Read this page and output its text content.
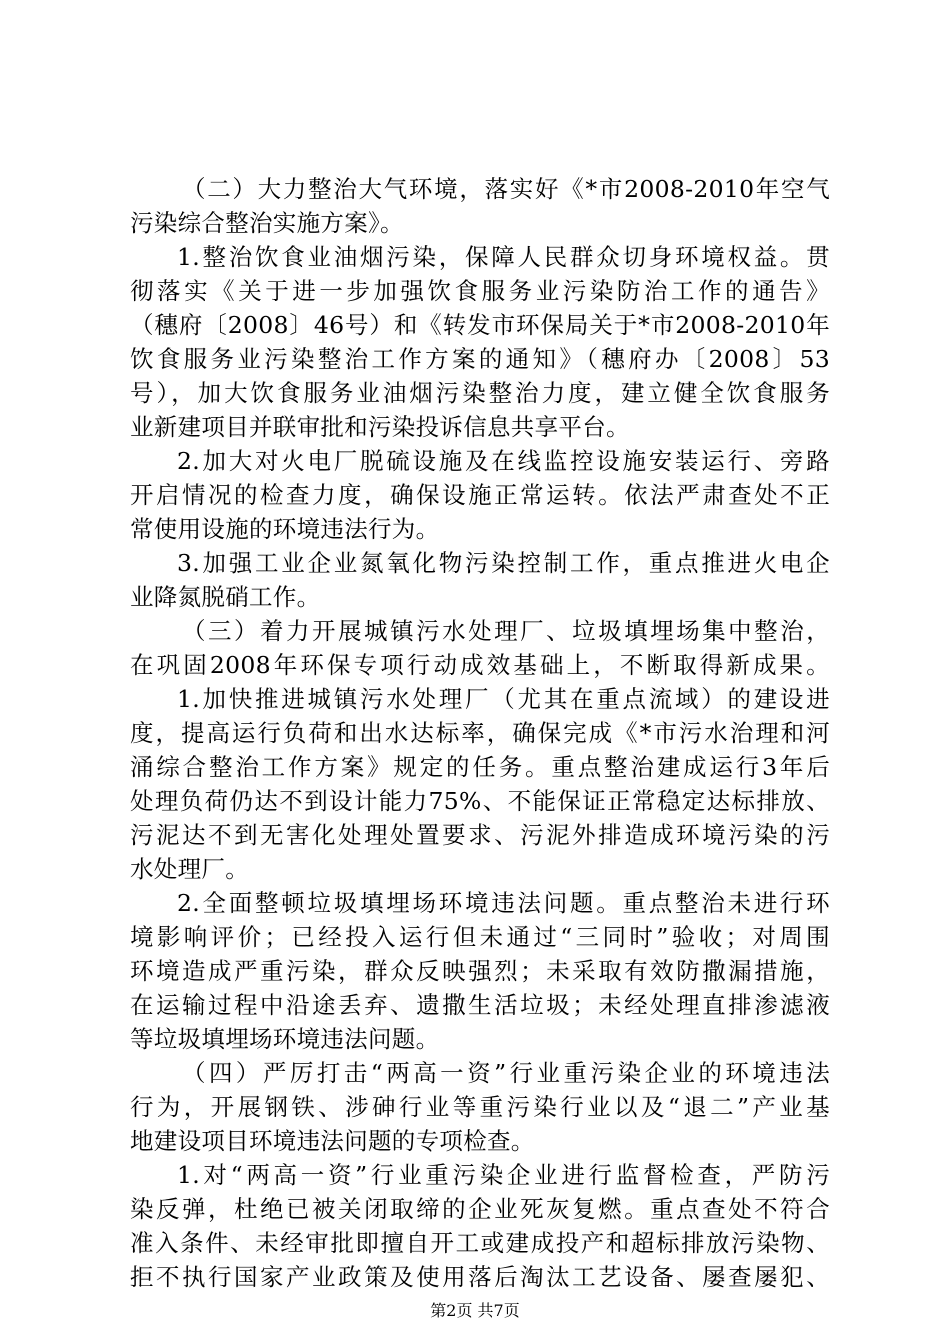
（二）大力整治大气环境，落实好《*市2008-2010年空气
污染综合整治实施方案》。
1.整治饮食业油烟污染，保障人民群众切身环境权益。贯
彻落实《关于进一步加强饮食服务业污染防治工作的通告》
（穗府〔2008〕46号）和《转发市环保局关于*市2008-2010年
饮食服务业污染整治工作方案的通知》（穗府办〔2008〕53
号），加大饮食服务业油烟污染整治力度，建立健全饮食服务
业新建项目并联审批和污染投诉信息共享平台。
2.加大对火电厂脱硫设施及在线监控设施安装运行、旁路
开启情况的检查力度，确保设施正常运转。依法严肃查处不正
常使用设施的环境违法行为。
3.加强工业企业氮氧化物污染控制工作，重点推进火电企
业降氮脱硝工作。
（三）着力开展城镇污水处理厂、垃圾填埋场集中整治，
在巩固2008年环保专项行动成效基础上，不断取得新成果。
1.加快推进城镇污水处理厂（尤其在重点流域）的建设进
度，提高运行负荷和出水达标率，确保完成《*市污水治理和河
涌综合整治工作方案》规定的任务。重点整治建成运行3年后
处理负荷仍达不到设计能力75%、不能保证正常稳定达标排放、
污泥达不到无害化处理处置要求、污泥外排造成环境污染的污
水处理厂。
2.全面整顿垃圾填埋场环境违法问题。重点整治未进行环
境影响评价；已经投入运行但未通过“三同时”验收；对周围
环境造成严重污染，群众反映强烈；未采取有效防撒漏措施，
在运输过程中沿途丢弃、遗撒生活垃圾；未经处理直排渗滤液
等垃圾填埋场环境违法问题。
（四）严厉打击“两高一资”行业重污染企业的环境违法
行为，开展钢铁、涉砷行业等重污染行业以及“退二”产业基
地建设项目环境违法问题的专项检查。
1.对“两高一资”行业重污染企业进行监督检查，严防污
染反弹，杜绝已被关闭取缔的企业死灰复燃。重点查处不符合
准入条件、未经审批即擅自开工或建成投产和超标排放污染物、
拒不执行国家产业政策及使用落后淘汰工艺设备、屡查屡犯、
第2页 共7页
